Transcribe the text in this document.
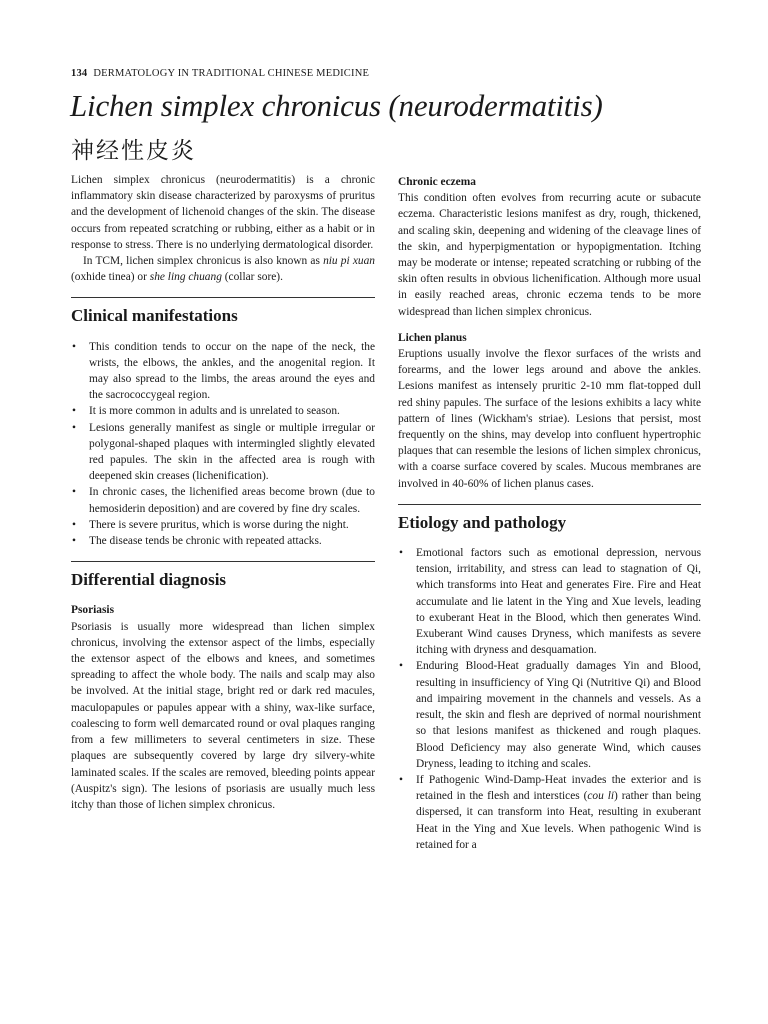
134 DERMATOLOGY IN TRADITIONAL CHINESE MEDICINE
Lichen simplex chronicus (neurodermatitis)
神经性皮炎

Lichen simplex chronicus (neurodermatitis) is a chronic inflammatory skin disease characterized by paroxysms of pruritus and the development of lichenoid changes of the skin. The disease occurs from repeated scratching or rubbing, either as a habit or in response to stress. There is no underlying dermatological disorder.

In TCM, lichen simplex chronicus is also known as niu pi xuan (oxhide tinea) or she ling chuang (collar sore).

Clinical manifestations
• This condition tends to occur on the nape of the neck, the wrists, the elbows, the ankles, and the anogenital region. It may also spread to the limbs, the areas around the eyes and the sacrococcygeal region.
• It is more common in adults and is unrelated to season.
• Lesions generally manifest as single or multiple irregular or polygonal-shaped plaques with intermingled slightly elevated red papules. The skin in the affected area is rough with deepened skin creases (lichenification).
• In chronic cases, the lichenified areas become brown (due to hemosiderin deposition) and are covered by fine dry scales.
• There is severe pruritus, which is worse during the night.
• The disease tends be chronic with repeated attacks.
Differential diagnosis
Psoriasis

Psoriasis is usually more widespread than lichen simplex chronicus, involving the extensor aspect of the limbs, especially the extensor aspect of the elbows and knees, and sometimes spreading to affect the whole body. The nails and scalp may also be involved. At the initial stage, bright red or dark red macules, maculopapules or papules appear with a shiny, wax-like surface, coalescing to form well demarcated round or oval plaques ranging from a few millimeters to several centimeters in size. These plaques are subsequently covered by large dry silvery-white laminated scales. If the scales are removed, bleeding points appear (Auspitz's sign). The lesions of psoriasis are usually much less itchy than those of lichen simplex chronicus.

Chronic eczema

This condition often evolves from recurring acute or subacute eczema. Characteristic lesions manifest as dry, rough, thickened, and scaling skin, deepening and widening of the cleavage lines of the skin, and hyperpigmentation or hypopigmentation. Itching may be moderate or intense; repeated scratching or rubbing of the skin often results in obvious lichenification. Although more usual in easily reached areas, chronic eczema tends to be more widespread than lichen simplex chronicus.

Lichen planus

Eruptions usually involve the flexor surfaces of the wrists and forearms, and the lower legs around and above the ankles. Lesions manifest as intensely pruritic 2-10 mm flat-topped dull red shiny papules. The surface of the lesions exhibits a lacy white pattern of lines (Wickham's striae). Lesions that persist, most frequently on the shins, may develop into confluent hypertrophic plaques that can resemble the lesions of lichen simplex chronicus, with a coarse surface covered by scales. Mucous membranes are involved in 40-60% of lichen planus cases.

Etiology and pathology
• Emotional factors such as emotional depression, nervous tension, irritability, and stress can lead to stagnation of Qi, which transforms into Heat and generates Fire. Fire and Heat accumulate and lie latent in the Ying and Xue levels, leading to exuberant Heat in the Blood, which then generates Wind. Exuberant Wind causes Dryness, which manifests as severe itching with dryness and desquamation.
• Enduring Blood-Heat gradually damages Yin and Blood, resulting in insufficiency of Ying Qi (Nutritive Qi) and Blood and impairing movement in the channels and vessels. As a result, the skin and flesh are deprived of normal nourishment so that lesions manifest as thickened and rough plaques. Blood Deficiency may also generate Wind, which causes Dryness, leading to itching and scales.
• If Pathogenic Wind-Damp-Heat invades the exterior and is retained in the flesh and interstices (cou li) rather than being dispersed, it can transform into Heat, resulting in exuberant Heat in the Ying and Xue levels. When pathogenic Wind is retained for a
